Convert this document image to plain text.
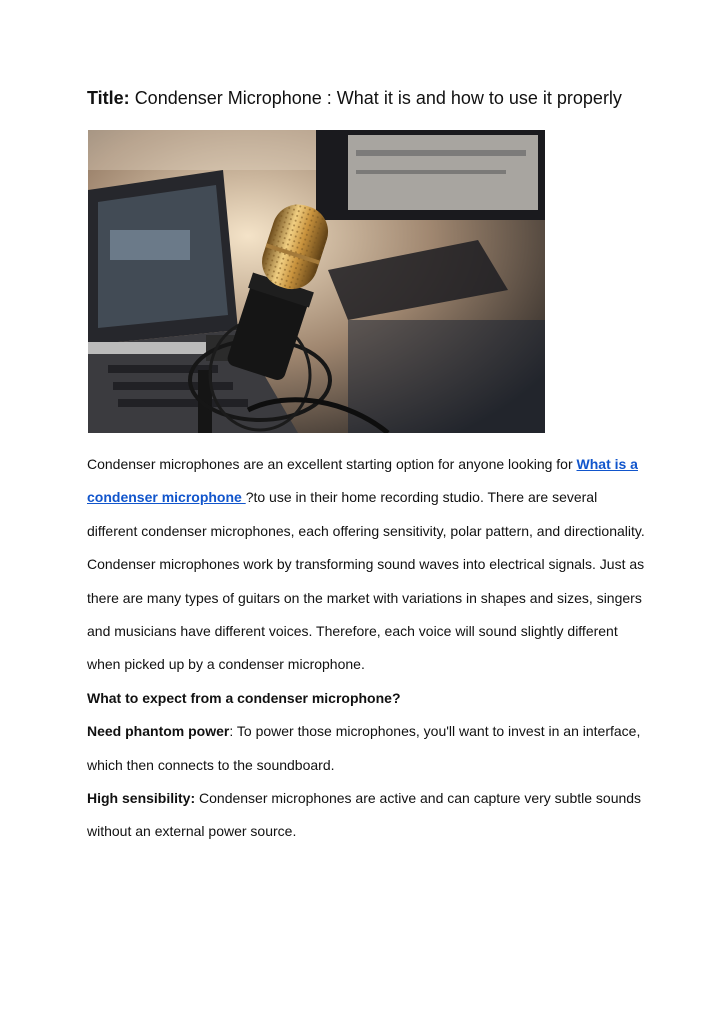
Title: Condenser Microphone : What it is and how to use it properly

Condenser microphones are an excellent starting option for anyone looking for What is a condenser microphone ?to use in their home recording studio. There are several different condenser microphones, each offering sensitivity, polar pattern, and directionality. Condenser microphones work by transforming sound waves into electrical signals. Just as there are many types of guitars on the market with variations in shapes and sizes, singers and musicians have different voices. Therefore, each voice will sound slightly different when picked up by a condenser microphone.

What to expect from a condenser microphone?

Need phantom power: To power those microphones, you'll want to invest in an interface, which then connects to the soundboard.

High sensibility: Condenser microphones are active and can capture very subtle sounds without an external power source.
